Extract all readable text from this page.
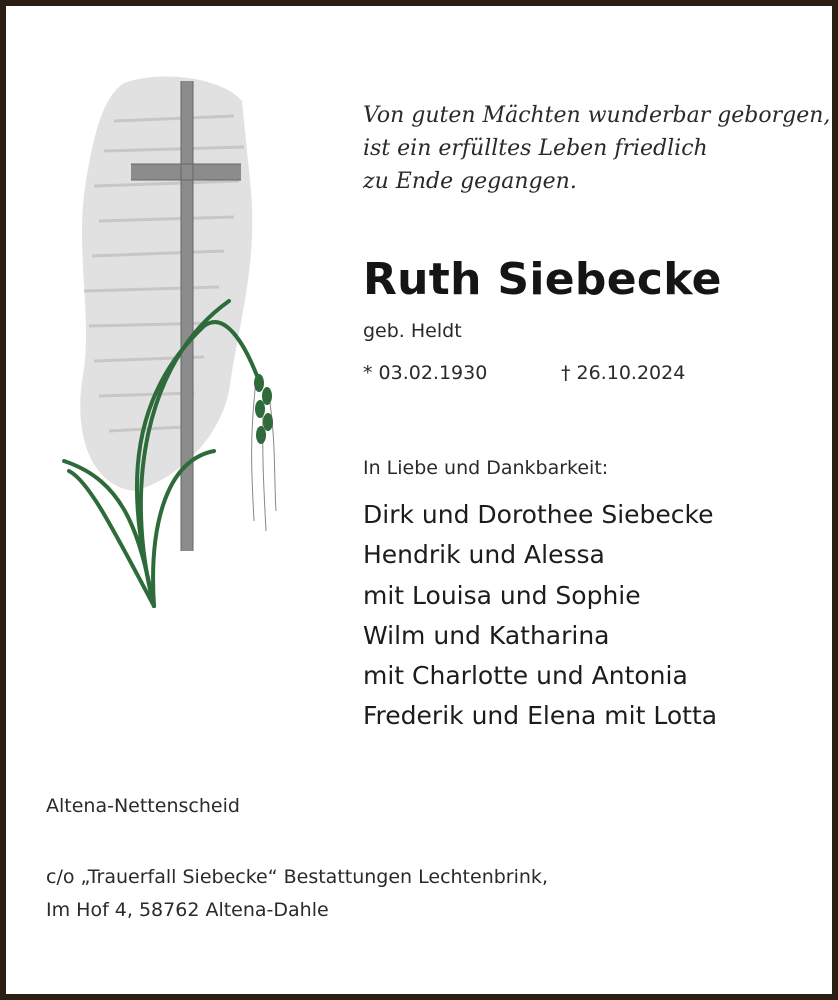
Von guten Mächten wunderbar geborgen,
ist ein erfülltes Leben friedlich
zu Ende gegangen.
Ruth Siebecke
geb. Heldt
* 03.02.1930	† 26.10.2024
In Liebe und Dankbarkeit:
Dirk und Dorothee Siebecke
Hendrik und Alessa
mit Louisa und Sophie
Wilm und Katharina
mit Charlotte und Antonia
Frederik und Elena mit Lotta
Altena-Nettenscheid
c/o „Trauerfall Siebecke“ Bestattungen Lechtenbrink,
Im Hof 4, 58762 Altena-Dahle
